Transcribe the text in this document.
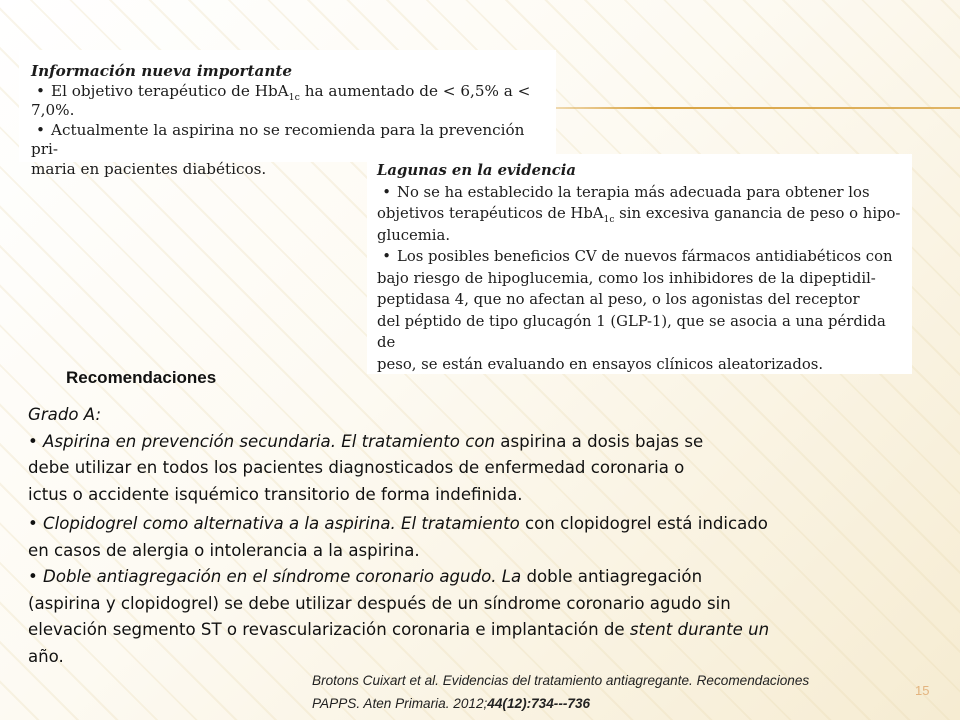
Información nueva importante
• El objetivo terapéutico de HbA$_{1c}$ ha aumentado de < 6,5% a < 7,0%.
• Actualmente la aspirina no se recomienda para la prevención pri-
maria en pacientes diabéticos.	Lagunas en la evidencia
• No se ha establecido la terapia más adecuada para obtener los
objetivos terapéuticos de HbA$_{1c}$ sin excesiva ganancia de peso o hipo-
glucemia.
• Los posibles beneficios CV de nuevos fármacos antidiabéticos con
bajo riesgo de hipoglucemia, como los inhibidores de la dipeptidil-
peptidasa 4, que no afectan al peso, o los agonistas del receptor
del péptido de tipo glucagón 1 (GLP-1), que se asocia a una pérdida de
peso, se están evaluando en ensayos clínicos aleatorizados.
Recomendaciones

Grado A:

• Aspirina en prevención secundaria. El tratamiento con aspirina a dosis bajas se

debe utilizar en todos los pacientes diagnosticados de enfermedad coronaria o

ictus o accidente isquémico transitorio de forma indefinida.

• Clopidogrel como alternativa a la aspirina. El tratamiento con clopidogrel está indicado

en casos de alergia o intolerancia a la aspirina.

• Doble antiagregación en el síndrome coronario agudo. La doble antiagregación

(aspirina y clopidogrel) se debe utilizar después de un síndrome coronario agudo sin

elevación segmento ST o revascularización coronaria e implantación de stent durante un

año.

Brotons Cuixart et al. Evidencias del tratamiento antiagregante. Recomendaciones
PAPPS. Aten Primaria. 2012;44(12):734---736
15
